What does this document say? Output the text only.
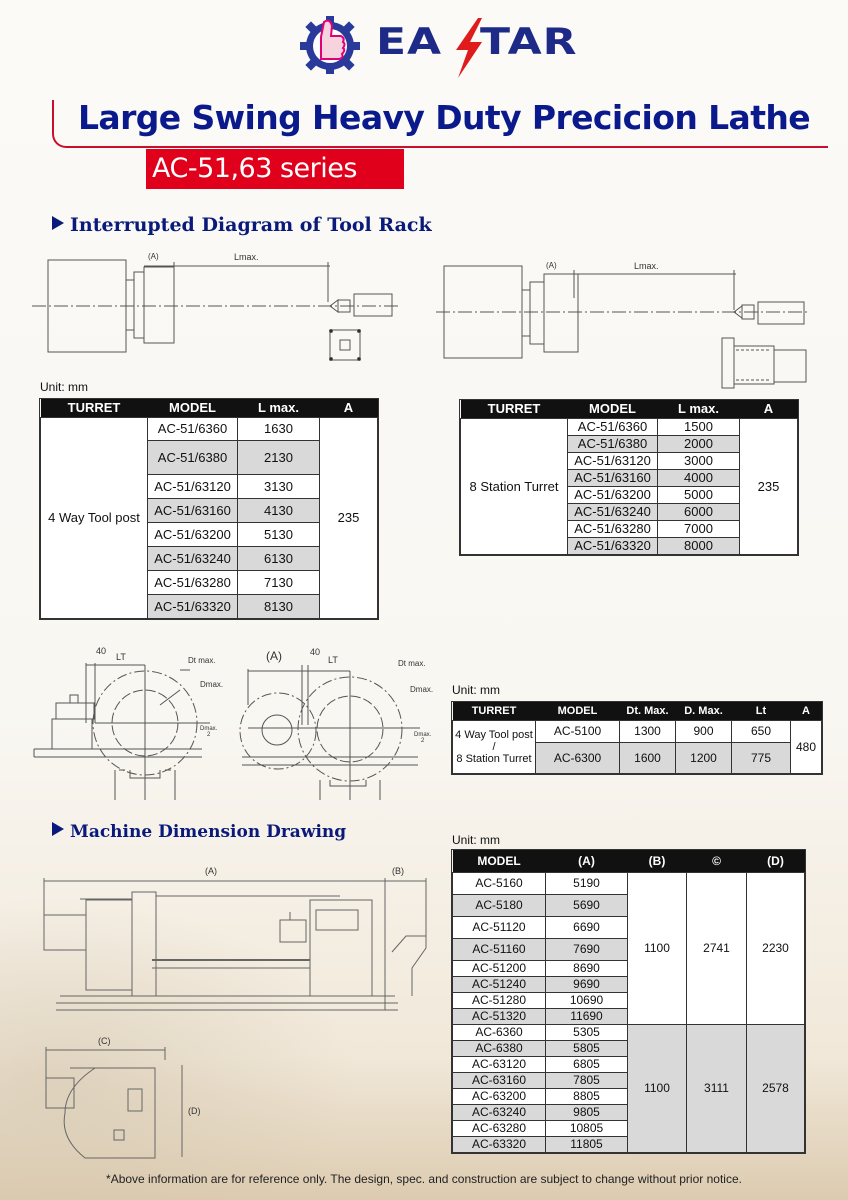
EA TAR
Large Swing Heavy Duty Precicion Lathe
AC-51,63 series
Interrupted Diagram of Tool Rack
(A)	Lmax.
(A)	Lmax.
Unit: mm
TURRET	MODEL	L max.	A
4 Way Tool post	AC-51/6360	1630	235
	AC-51/6380	2130	
	AC-51/63120	3130	
	AC-51/63160	4130	
	AC-51/63200	5130	
	AC-51/63240	6130	
	AC-51/63280	7130	
	AC-51/63320	8130	
TURRET	MODEL	L max.	A
8 Station Turret	AC-51/6360	1500	235
	AC-51/6380	2000	
	AC-51/63120	3000	
	AC-51/63160	4000	
	AC-51/63200	5000	
	AC-51/63240	6000	
	AC-51/63280	7000	
	AC-51/63320	8000	
40
LT	Dt max.
Dmax.
Dmax.
2
(A)	40
LT	Dt max.
Dmax.
Dmax.
2
Unit: mm
TURRET	MODEL	Dt. Max.	D. Max.	Lt	A
4 Way Tool post
/
8 Station Turret	AC-5100	1300	900	650	480
	AC-6300	1600	1200	775	
Machine Dimension Drawing
(A)	(B)
(C)
(D)
Unit: mm
MODEL	(A)	(B)	©	(D)
AC-5160	5190	1100	2741	2230
AC-5180	5690			
AC-51120	6690			
AC-51160	7690			
AC-51200	8690			
AC-51240	9690			
AC-51280	10690			
AC-51320	11690			
AC-6360	5305	1100	3111	2578
AC-6380	5805			
AC-63120	6805			
AC-63160	7805			
AC-63200	8805			
AC-63240	9805			
AC-63280	10805			
AC-63320	11805			
*Above information are for reference only. The design, spec. and construction are subject to change without prior notice.
